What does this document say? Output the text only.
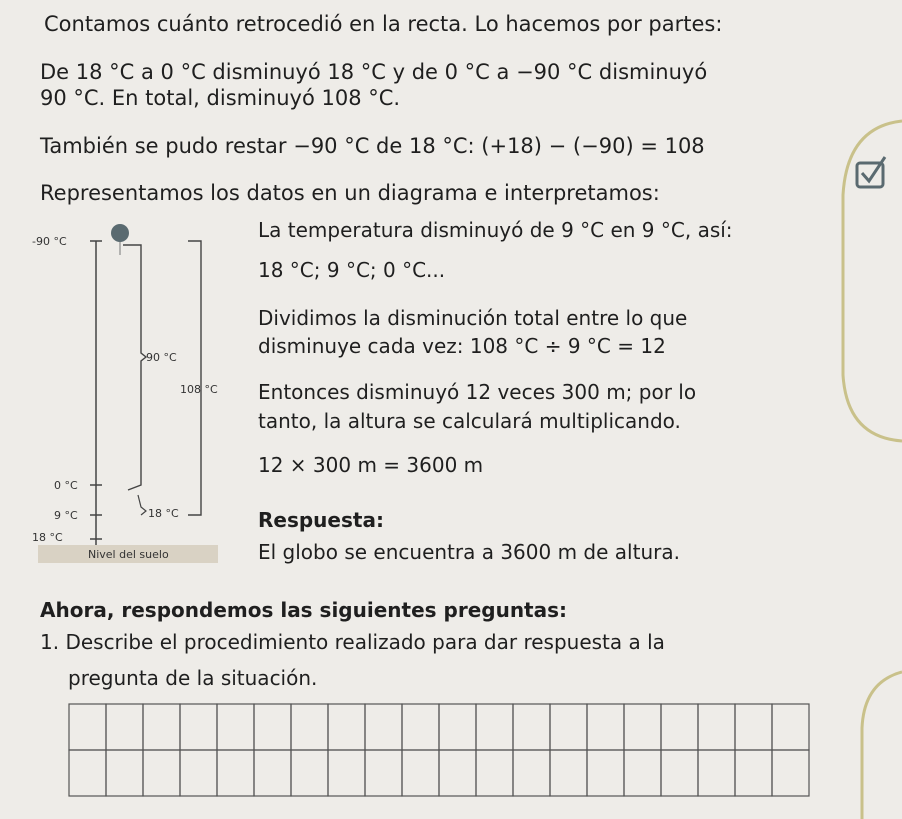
Contamos cuánto retrocedió en la recta. Lo hacemos por partes:
De 18 °C a 0 °C disminuyó 18 °C y de 0 °C a −90 °C disminuyó
90 °C. En total, disminuyó 108 °C.
También se pudo restar −90 °C de 18 °C: (+18) − (−90) = 108
Representamos los datos en un diagrama e interpretamos:
-90 °C
90 °C
108 °C
0 °C
9 °C	18 °C
18 °C
Nivel del suelo
La temperatura disminuyó de 9 °C en 9 °C, así:
18 °C; 9 °C; 0 °C...
Dividimos la disminución total entre lo que
disminuye cada vez: 108 °C ÷ 9 °C = 12
Entonces disminuyó 12 veces 300 m; por lo
tanto, la altura se calculará multiplicando.
12 × 300 m = 3600 m
Respuesta:
El globo se encuentra a 3600 m de altura.
Ahora, respondemos las siguientes preguntas:
1. Describe el procedimiento realizado para dar respuesta a la
pregunta de la situación.
